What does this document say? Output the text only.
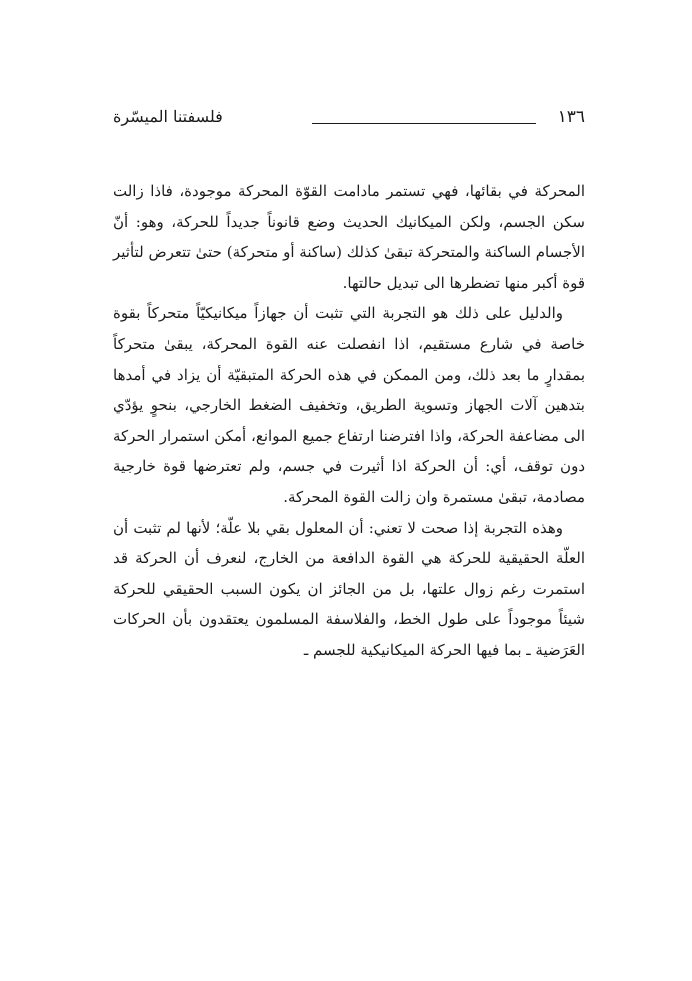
١٣٦
فلسفتنا الميسّرة

المحركة في بقائها، فهي تستمر مادامت القوّة المحركة موجودة، فاذا زالت سكن الجسم، ولكن الميكانيك الحديث وضع قانوناً جديداً للحركة، وهو: أنّ الأجسام الساكنة والمتحركة تبقىٰ كذلك (ساكنة أو متحركة) حتىٰ تتعرض لتأثير قوة أكبر منها تضطرها الى تبديل حالتها.

والدليل على ذلك هو التجربة التي تثبت أن جهازاً ميكانيكيّاً متحركاً بقوة خاصة في شارع مستقيم، اذا انفصلت عنه القوة المحركة، يبقىٰ متحركاً بمقدارٍ ما بعد ذلك، ومن الممكن في هذه الحركة المتبقيّة أن يزاد في أمدها بتدهين آلات الجهاز وتسوية الطريق، وتخفيف الضغط الخارجي، بنحوٍ يؤدّي الى مضاعفة الحركة، واذا افترضنا ارتفاع جميع الموانع، أمكن استمرار الحركة دون توقف، أي: أن الحركة اذا أثيرت في جسم، ولم تعترضها قوة خارجية مصادمة، تبقىٰ مستمرة وان زالت القوة المحركة.

وهذه التجربة إذا صحت لا تعني: أن المعلول بقي بلا علّة؛ لأنها لم تثبت أن العلّة الحقيقية للحركة هي القوة الدافعة من الخارج، لنعرف أن الحركة قد استمرت رغم زوال علتها، بل من الجائز ان يكون السبب الحقيقي للحركة شيئاً موجوداً على طول الخط، والفلاسفة المسلمون يعتقدون بأن الحركات العَرَضية ـ بما فيها الحركة الميكانيكية للجسم ـ
